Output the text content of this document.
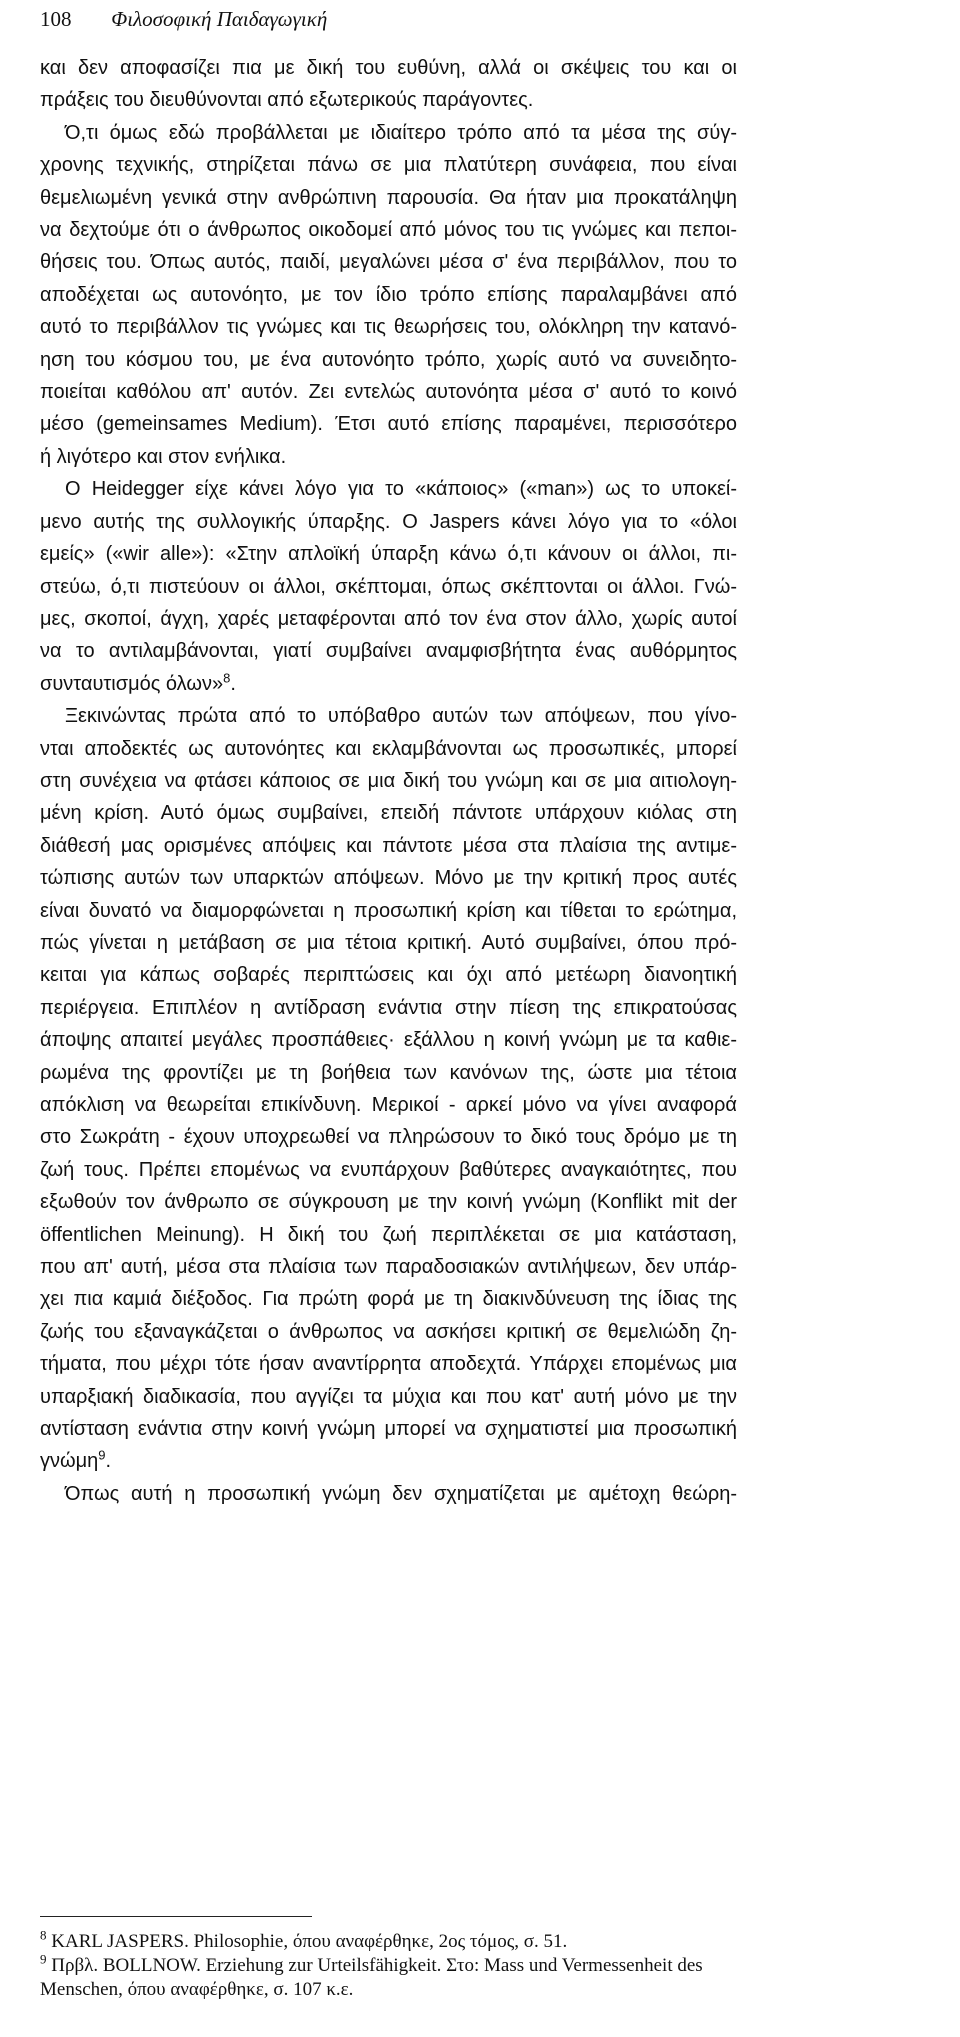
108 Φιλοσοφική Παιδαγωγική
και δεν αποφασίζει πια με δική του ευθύνη, αλλά οι σκέψεις του και οι
πράξεις του διευθύνονται από εξωτερικούς παράγοντες.
Ό,τι όμως εδώ προβάλλεται με ιδιαίτερο τρόπο από τα μέσα της σύγ-
χρονης τεχνικής, στηρίζεται πάνω σε μια πλατύτερη συνάφεια, που είναι
θεμελιωμένη γενικά στην ανθρώπινη παρουσία. Θα ήταν μια προκατάληψη
να δεχτούμε ότι ο άνθρωπος οικοδομεί από μόνος του τις γνώμες και πεποι-
θήσεις του. Όπως αυτός, παιδί, μεγαλώνει μέσα σ' ένα περιβάλλον, που το
αποδέχεται ως αυτονόητο, με τον ίδιο τρόπο επίσης παραλαμβάνει από
αυτό το περιβάλλον τις γνώμες και τις θεωρήσεις του, ολόκληρη την κατανό-
ηση του κόσμου του, με ένα αυτονόητο τρόπο, χωρίς αυτό να συνειδητο-
ποιείται καθόλου απ' αυτόν. Ζει εντελώς αυτονόητα μέσα σ' αυτό το κοινό
μέσο (gemeinsames Medium). Έτσι αυτό επίσης παραμένει, περισσότερο
ή λιγότερο και στον ενήλικα.
Ο Heidegger είχε κάνει λόγο για το «κάποιος» («man») ως το υποκεί-
μενο αυτής της συλλογικής ύπαρξης. Ο Jaspers κάνει λόγο για το «όλοι
εμείς» («wir alle»): «Στην απλοϊκή ύπαρξη κάνω ό,τι κάνουν οι άλλοι, πι-
στεύω, ό,τι πιστεύουν οι άλλοι, σκέπτομαι, όπως σκέπτονται οι άλλοι. Γνώ-
μες, σκοποί, άγχη, χαρές μεταφέρονται από τον ένα στον άλλο, χωρίς αυτοί
να το αντιλαμβάνονται, γιατί συμβαίνει αναμφισβήτητα ένας αυθόρμητος
συνταυτισμός όλων»$^8$.
Ξεκινώντας πρώτα από το υπόβαθρο αυτών των απόψεων, που γίνο-
νται αποδεκτές ως αυτονόητες και εκλαμβάνονται ως προσωπικές, μπορεί
στη συνέχεια να φτάσει κάποιος σε μια δική του γνώμη και σε μια αιτιολογη-
μένη κρίση. Αυτό όμως συμβαίνει, επειδή πάντοτε υπάρχουν κιόλας στη
διάθεσή μας ορισμένες απόψεις και πάντοτε μέσα στα πλαίσια της αντιμε-
τώπισης αυτών των υπαρκτών απόψεων. Μόνο με την κριτική προς αυτές
είναι δυνατό να διαμορφώνεται η προσωπική κρίση και τίθεται το ερώτημα,
πώς γίνεται η μετάβαση σε μια τέτοια κριτική. Αυτό συμβαίνει, όπου πρό-
κειται για κάπως σοβαρές περιπτώσεις και όχι από μετέωρη διανοητική
περιέργεια. Επιπλέον η αντίδραση ενάντια στην πίεση της επικρατούσας
άποψης απαιτεί μεγάλες προσπάθειες· εξάλλου η κοινή γνώμη με τα καθιε-
ρωμένα της φροντίζει με τη βοήθεια των κανόνων της, ώστε μια τέτοια
απόκλιση να θεωρείται επικίνδυνη. Μερικοί - αρκεί μόνο να γίνει αναφορά
στο Σωκράτη - έχουν υποχρεωθεί να πληρώσουν το δικό τους δρόμο με τη
ζωή τους. Πρέπει επομένως να ενυπάρχουν βαθύτερες αναγκαιότητες, που
εξωθούν τον άνθρωπο σε σύγκρουση με την κοινή γνώμη (Konflikt mit der
öffentlichen Meinung). Η δική του ζωή περιπλέκεται σε μια κατάσταση,
που απ' αυτή, μέσα στα πλαίσια των παραδοσιακών αντιλήψεων, δεν υπάρ-
χει πια καμιά διέξοδος. Για πρώτη φορά με τη διακινδύνευση της ίδιας της
ζωής του εξαναγκάζεται ο άνθρωπος να ασκήσει κριτική σε θεμελιώδη ζη-
τήματα, που μέχρι τότε ήσαν αναντίρρητα αποδεχτά. Υπάρχει επομένως μια
υπαρξιακή διαδικασία, που αγγίζει τα μύχια και που κατ' αυτή μόνο με την
αντίσταση ενάντια στην κοινή γνώμη μπορεί να σχηματιστεί μια προσωπική
γνώμη$^9$.
Όπως αυτή η προσωπική γνώμη δεν σχηματίζεται με αμέτοχη θεώρη-
$^8$ KARL JASPERS. Philosophie, όπου αναφέρθηκε, 2ος τόμος, σ. 51.
$^9$ Πρβλ. BOLLNOW. Erziehung zur Urteilsfähigkeit. Στο: Mass und Vermessenheit des
Menschen, όπου αναφέρθηκε, σ. 107 κ.ε.
